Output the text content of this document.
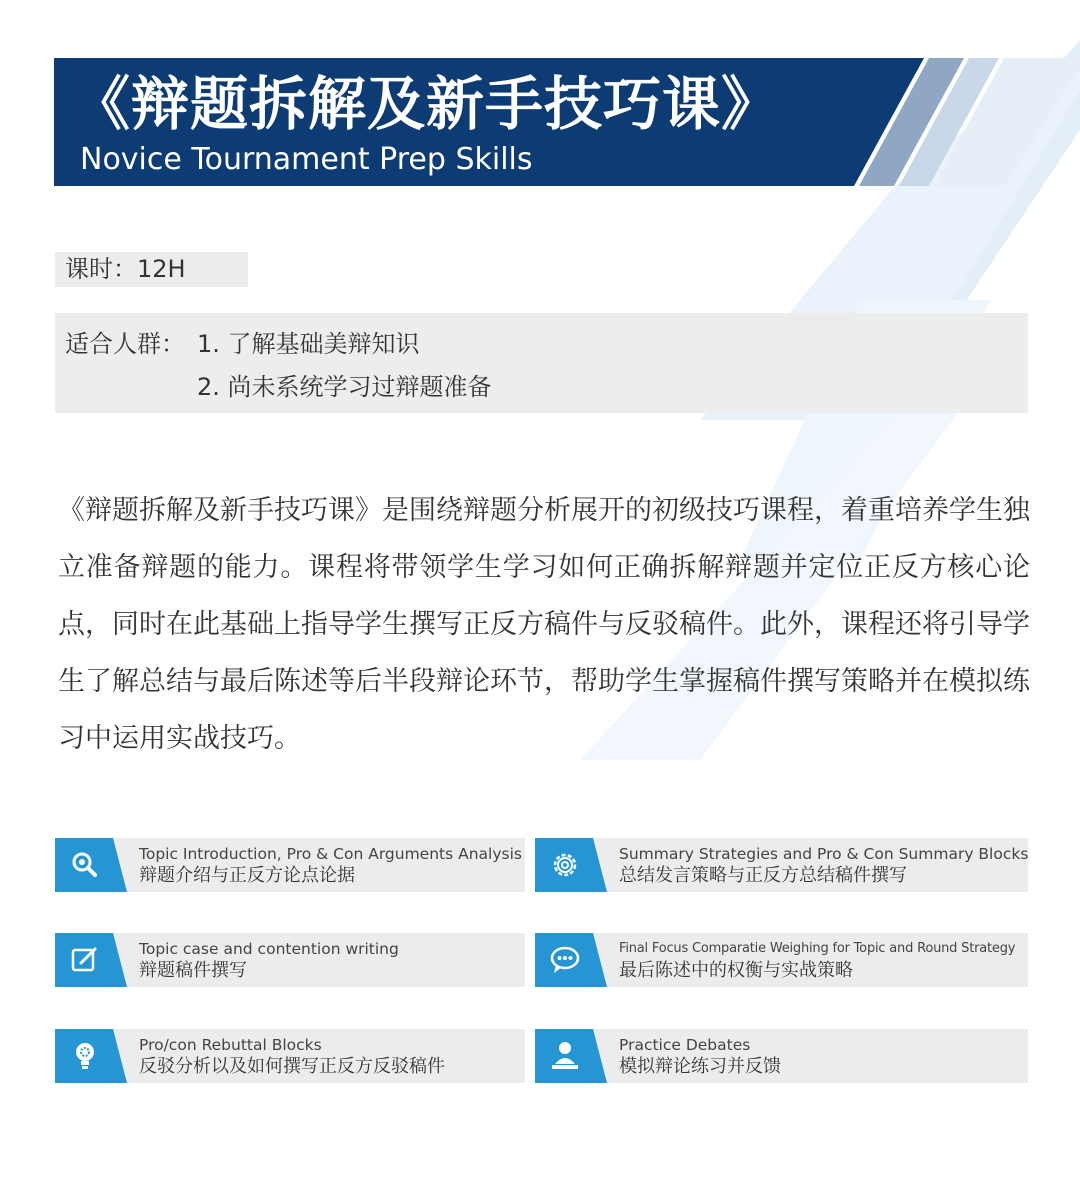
《辩题拆解及新手技巧课》
Novice Tournament Prep Skills
课时：12H
适合人群： 1. 了解基础美辩知识
2. 尚未系统学习过辩题准备
《辩题拆解及新手技巧课》是围绕辩题分析展开的初级技巧课程，着重培养学生独立准备辩题的能力。课程将带领学生学习如何正确拆解辩题并定位正反方核心论点，同时在此基础上指导学生撰写正反方稿件与反驳稿件。此外，课程还将引导学生了解总结与最后陈述等后半段辩论环节，帮助学生掌握稿件撰写策略并在模拟练习中运用实战技巧。
Topic Introduction, Pro & Con Arguments Analysis
辩题介绍与正反方论点论据
Summary Strategies and Pro & Con Summary Blocks
总结发言策略与正反方总结稿件撰写
Topic case and contention writing
辩题稿件撰写
Final Focus Comparatie Weighing for Topic and Round Strategy
最后陈述中的权衡与实战策略
Pro/con Rebuttal Blocks
反驳分析以及如何撰写正反方反驳稿件
Practice Debates
模拟辩论练习并反馈
